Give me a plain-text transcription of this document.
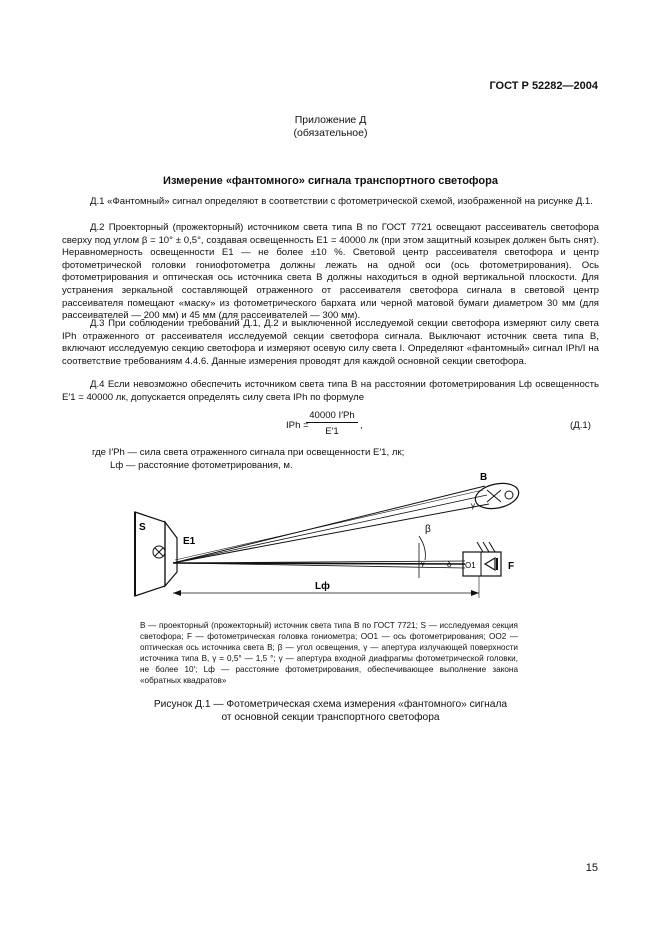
ГОСТ Р 52282—2004
Приложение Д
(обязательное)
Измерение «фантомного» сигнала транспортного светофора
Д.1 «Фантомный» сигнал определяют в соответствии с фотометрической схемой, изображенной на рисунке Д.1.
Д.2 Проекторный (прожекторный) источником света типа В по ГОСТ 7721 освещают рассеиватель светофора сверху под углом β = 10° ± 0,5°, создавая освещенность E1 = 40000 лк (при этом защитный козырек должен быть снят). Неравномерность освещенности E1 — не более ±10 %. Световой центр рассеивателя светофора и центр фотометрической головки гониофотометра должны лежать на одной оси (ось фотометрирования). Ось фотометрирования и оптическая ось источника света В должны находиться в одной вертикальной плоскости. Для устранения зеркальной составляющей отраженного от рассеивателя светофора сигнала в световой центр рассеивателя помещают «маску» из фотометрического бархата или черной матовой бумаги диаметром 30 мм (для рассеивателей — 200 мм) и 45 мм (для рассеивателей — 300 мм).
Д.3 При соблюдении требований Д.1, Д.2 и выключенной исследуемой секции светофора измеряют силу света IPh отраженного от рассеивателя исследуемой секции светофора сигнала. Выключают источник света типа В, включают исследуемую секцию светофора и измеряют осевую силу света I. Определяют «фантомный» сигнал IPh/I на соответствие требованиям 4.4.6. Данные измерения проводят для каждой основной секции светофора.
Д.4 Если невозможно обеспечить источником света типа В на расстоянии фотометрирования Lф освещенность E′1 = 40000 лк, допускается определять силу света IPh по формуле
IPh =
40000 I′Ph
E′1
,	(Д.1)
где I′Ph — сила света отраженного сигнала при освещенности E′1, лк;
Lф — расстояние фотометрирования, м.
S
E1
B
γ
β
γ	δ O1	F
Lф
B — проекторный (прожекторный) источник света типа В по ГОСТ 7721; S — исследуемая секция светофора; F — фотометрическая головка гониометра; OO1 — ось фотометрирования; OO2 — оптическая ось источника света В; β — угол освещения, γ — апертура излучающей поверхности источника типа В, γ = 0,5° — 1,5 °; γ — апертура входной диафрагмы фотометрической головки, не более 10′; Lф — расстояние фотометрирования, обеспечивающее выполнение закона «обратных квадратов»
Рисунок Д.1 — Фотометрическая схема измерения «фантомного» сигнала
от основной секции транспортного светофора
15
